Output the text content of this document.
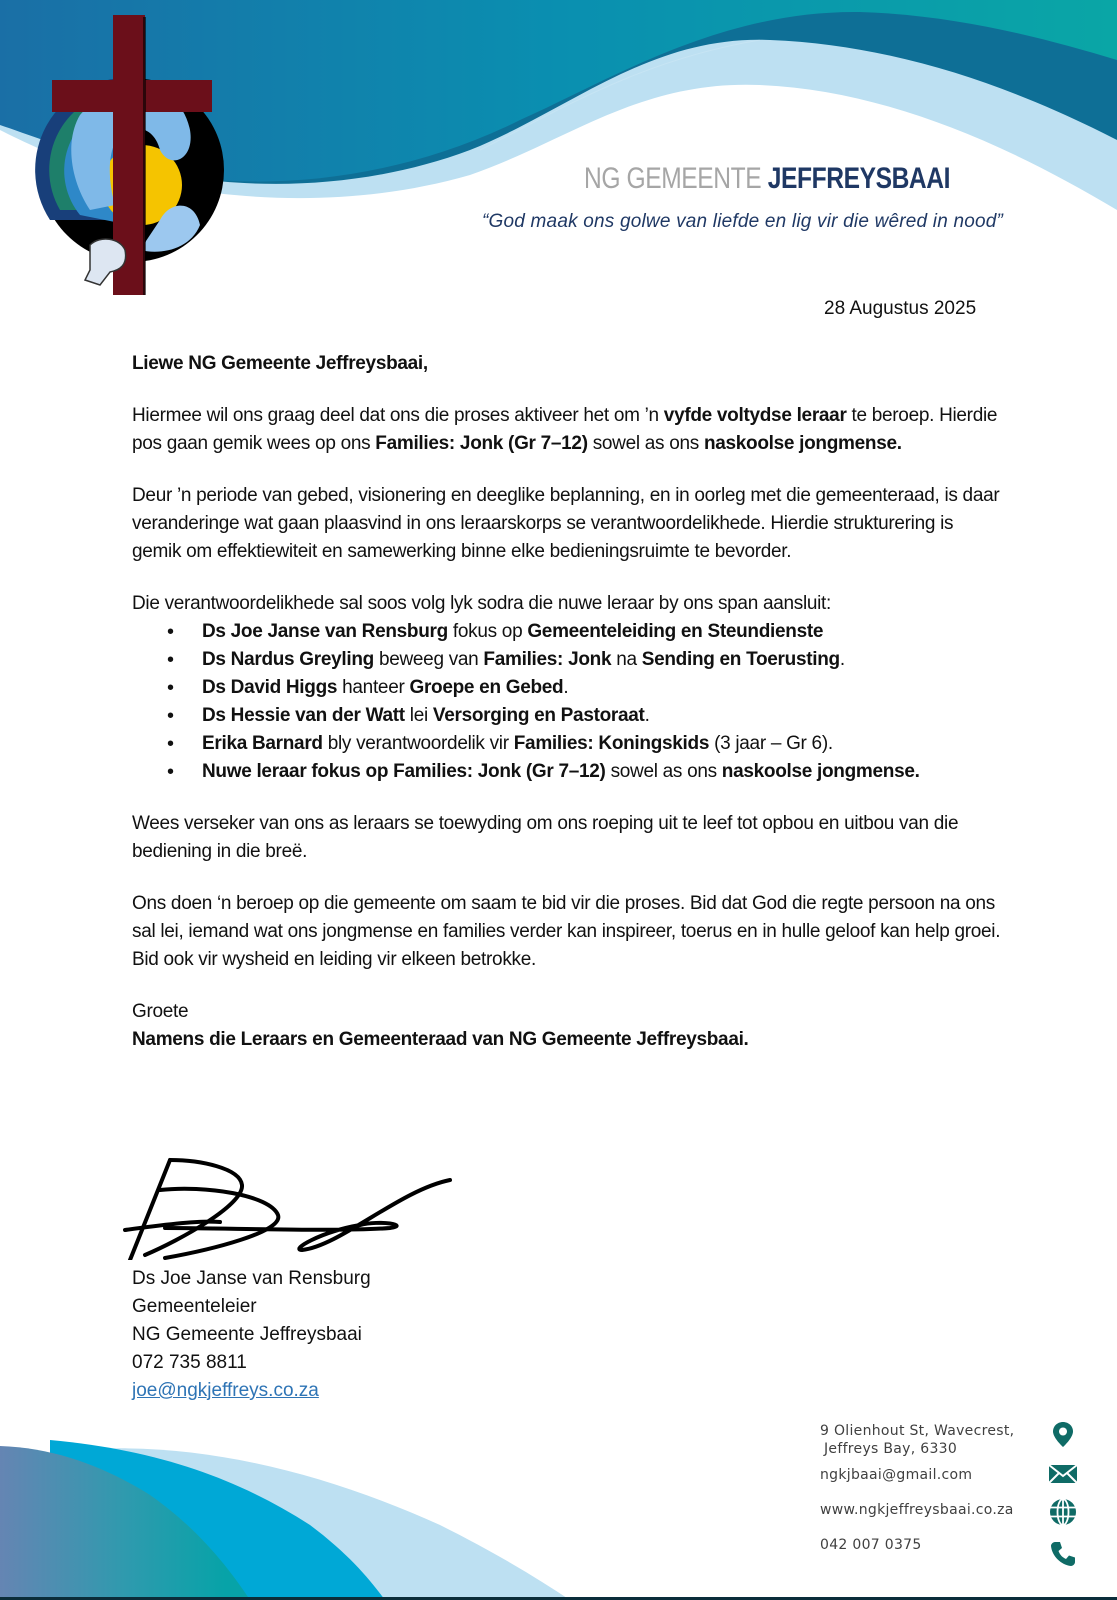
NG GEMEENTE JEFFREYSBAAI
“God maak ons golwe van liefde en lig vir die wêred in nood”
28 Augustus 2025

Liewe NG Gemeente Jeffreysbaai,

Hiermee wil ons graag deel dat ons die proses aktiveer het om ’n vyfde voltydse leraar te beroep. Hierdie pos gaan gemik wees op ons Families: Jonk (Gr 7–12) sowel as ons naskoolse jongmense.

Deur ’n periode van gebed, visionering en deeglike beplanning, en in oorleg met die gemeenteraad, is daar veranderinge wat gaan plaasvind in ons leraarskorps se verantwoordelikhede. Hierdie strukturering is gemik om effektiewiteit en samewerking binne elke bedieningsruimte te bevorder.

Die verantwoordelikhede sal soos volg lyk sodra die nuwe leraar by ons span aansluit:

• Ds Joe Janse van Rensburg fokus op Gemeenteleiding en Steundienste
• Ds Nardus Greyling beweeg van Families: Jonk na Sending en Toerusting.
• Ds David Higgs hanteer Groepe en Gebed.
• Ds Hessie van der Watt lei Versorging en Pastoraat.
• Erika Barnard bly verantwoordelik vir Families: Koningskids (3 jaar – Gr 6).
• Nuwe leraar fokus op Families: Jonk (Gr 7–12) sowel as ons naskoolse jongmense.

Wees verseker van ons as leraars se toewyding om ons roeping uit te leef tot opbou en uitbou van die bediening in die breë.

Ons doen ‘n beroep op die gemeente om saam te bid vir die proses. Bid dat God die regte persoon na ons sal lei, iemand wat ons jongmense en families verder kan inspireer, toerus en in hulle geloof kan help groei. Bid ook vir wysheid en leiding vir elkeen betrokke.

Groete
Namens die Leraars en Gemeenteraad van NG Gemeente Jeffreysbaai.
Ds Joe Janse van Rensburg
Gemeenteleier
NG Gemeente Jeffreysbaai
072 735 8811
joe@ngkjeffreys.co.za
9 Olienhout St, Wavecrest,
Jeffreys Bay, 6330
ngkjbaai@gmail.com
www.ngkjeffreysbaai.co.za
042 007 0375
